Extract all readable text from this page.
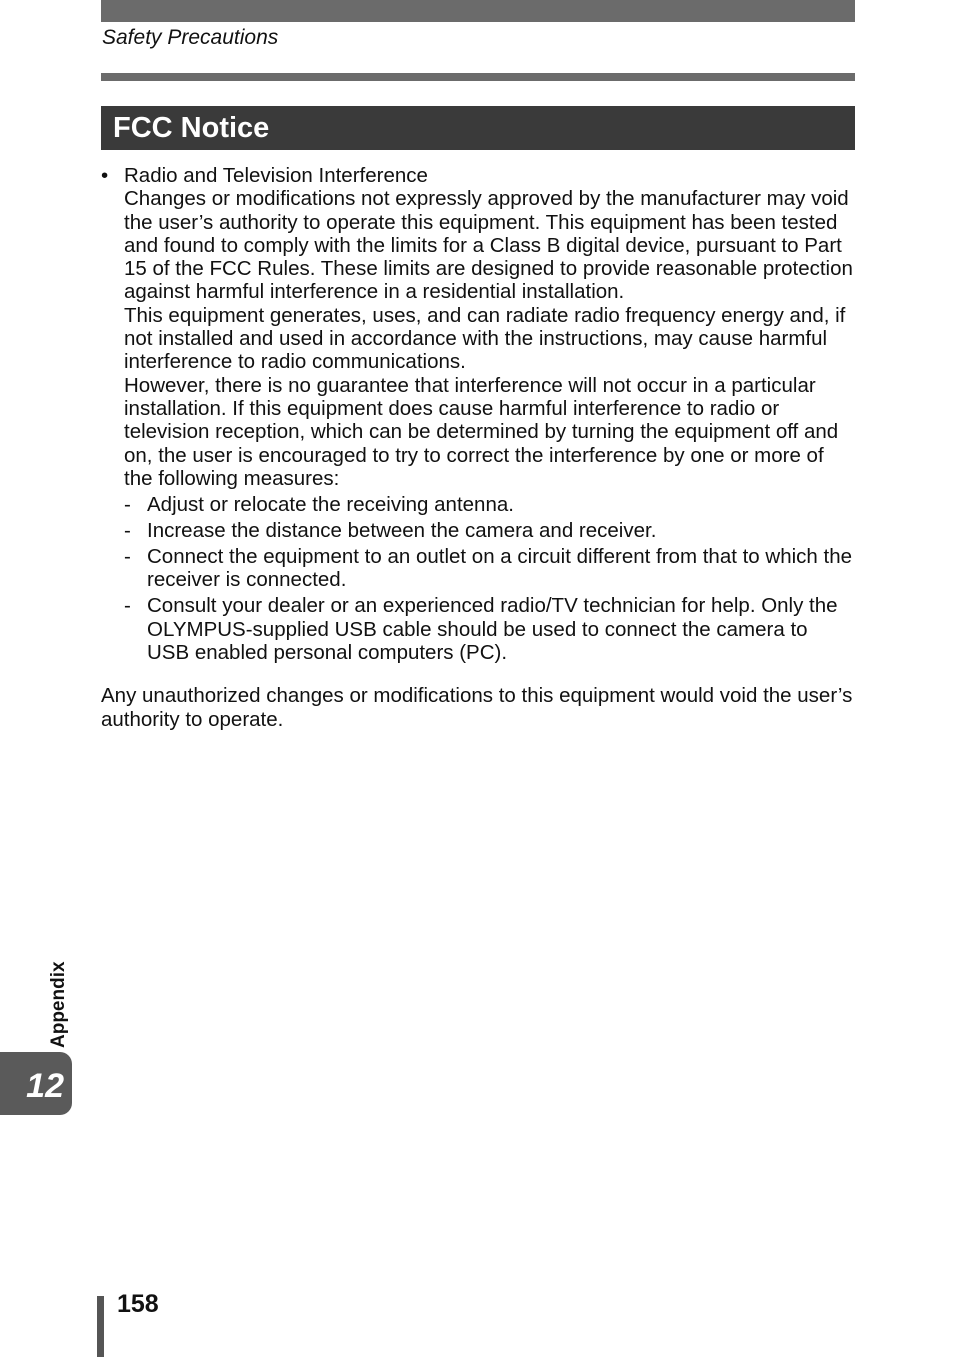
Safety Precautions
FCC Notice
• Radio and Television Interference

Changes or modifications not expressly approved by the manufacturer may void the user’s authority to operate this equipment. This equipment has been tested and found to comply with the limits for a Class B digital device, pursuant to Part 15 of the FCC Rules. These limits are designed to provide reasonable protection against harmful interference in a residential installation.

This equipment generates, uses, and can radiate radio frequency energy and, if not installed and used in accordance with the instructions, may cause harmful interference to radio communications.

However, there is no guarantee that interference will not occur in a particular installation. If this equipment does cause harmful interference to radio or television reception, which can be determined by turning the equipment off and on, the user is encouraged to try to correct the interference by one or more of the following measures:

- Adjust or relocate the receiving antenna.
- Increase the distance between the camera and receiver.
- Connect the equipment to an outlet on a circuit different from that to which the receiver is connected.
- Consult your dealer or an experienced radio/TV technician for help. Only the OLYMPUS-supplied USB cable should be used to connect the camera to USB enabled personal computers (PC).

Any unauthorized changes or modifications to this equipment would void the user’s authority to operate.

Appendix
12
158
